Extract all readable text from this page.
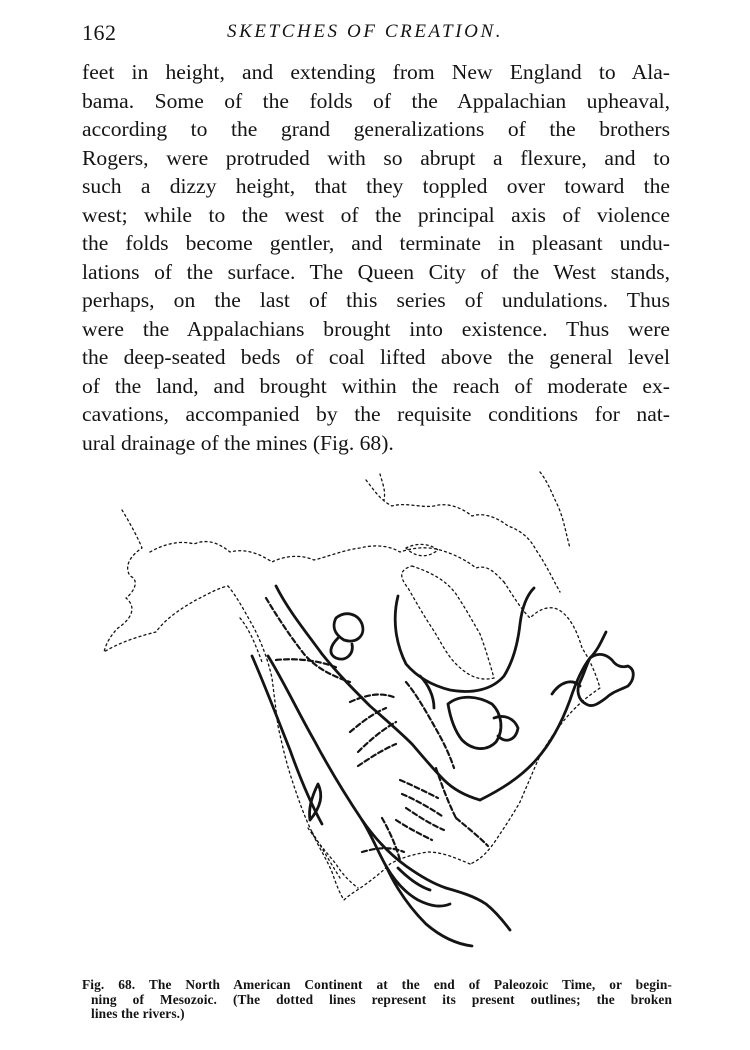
162	SKETCHES OF CREATION.
feet in height, and extending from New England to Ala-
bama. Some of the folds of the Appalachian upheaval,
according to the grand generalizations of the brothers
Rogers, were protruded with so abrupt a flexure, and to
such a dizzy height, that they toppled over toward the
west; while to the west of the principal axis of violence
the folds become gentler, and terminate in pleasant undu-
lations of the surface. The Queen City of the West stands,
perhaps, on the last of this series of undulations. Thus
were the Appalachians brought into existence. Thus were
the deep-seated beds of coal lifted above the general level
of the land, and brought within the reach of moderate ex-
cavations, accompanied by the requisite conditions for nat-
ural drainage of the mines (Fig. 68).
Fig. 68. The North American Continent at the end of Paleozoic Time, or begin-
ning of Mesozoic. (The dotted lines represent its present outlines; the broken
lines the rivers.)
